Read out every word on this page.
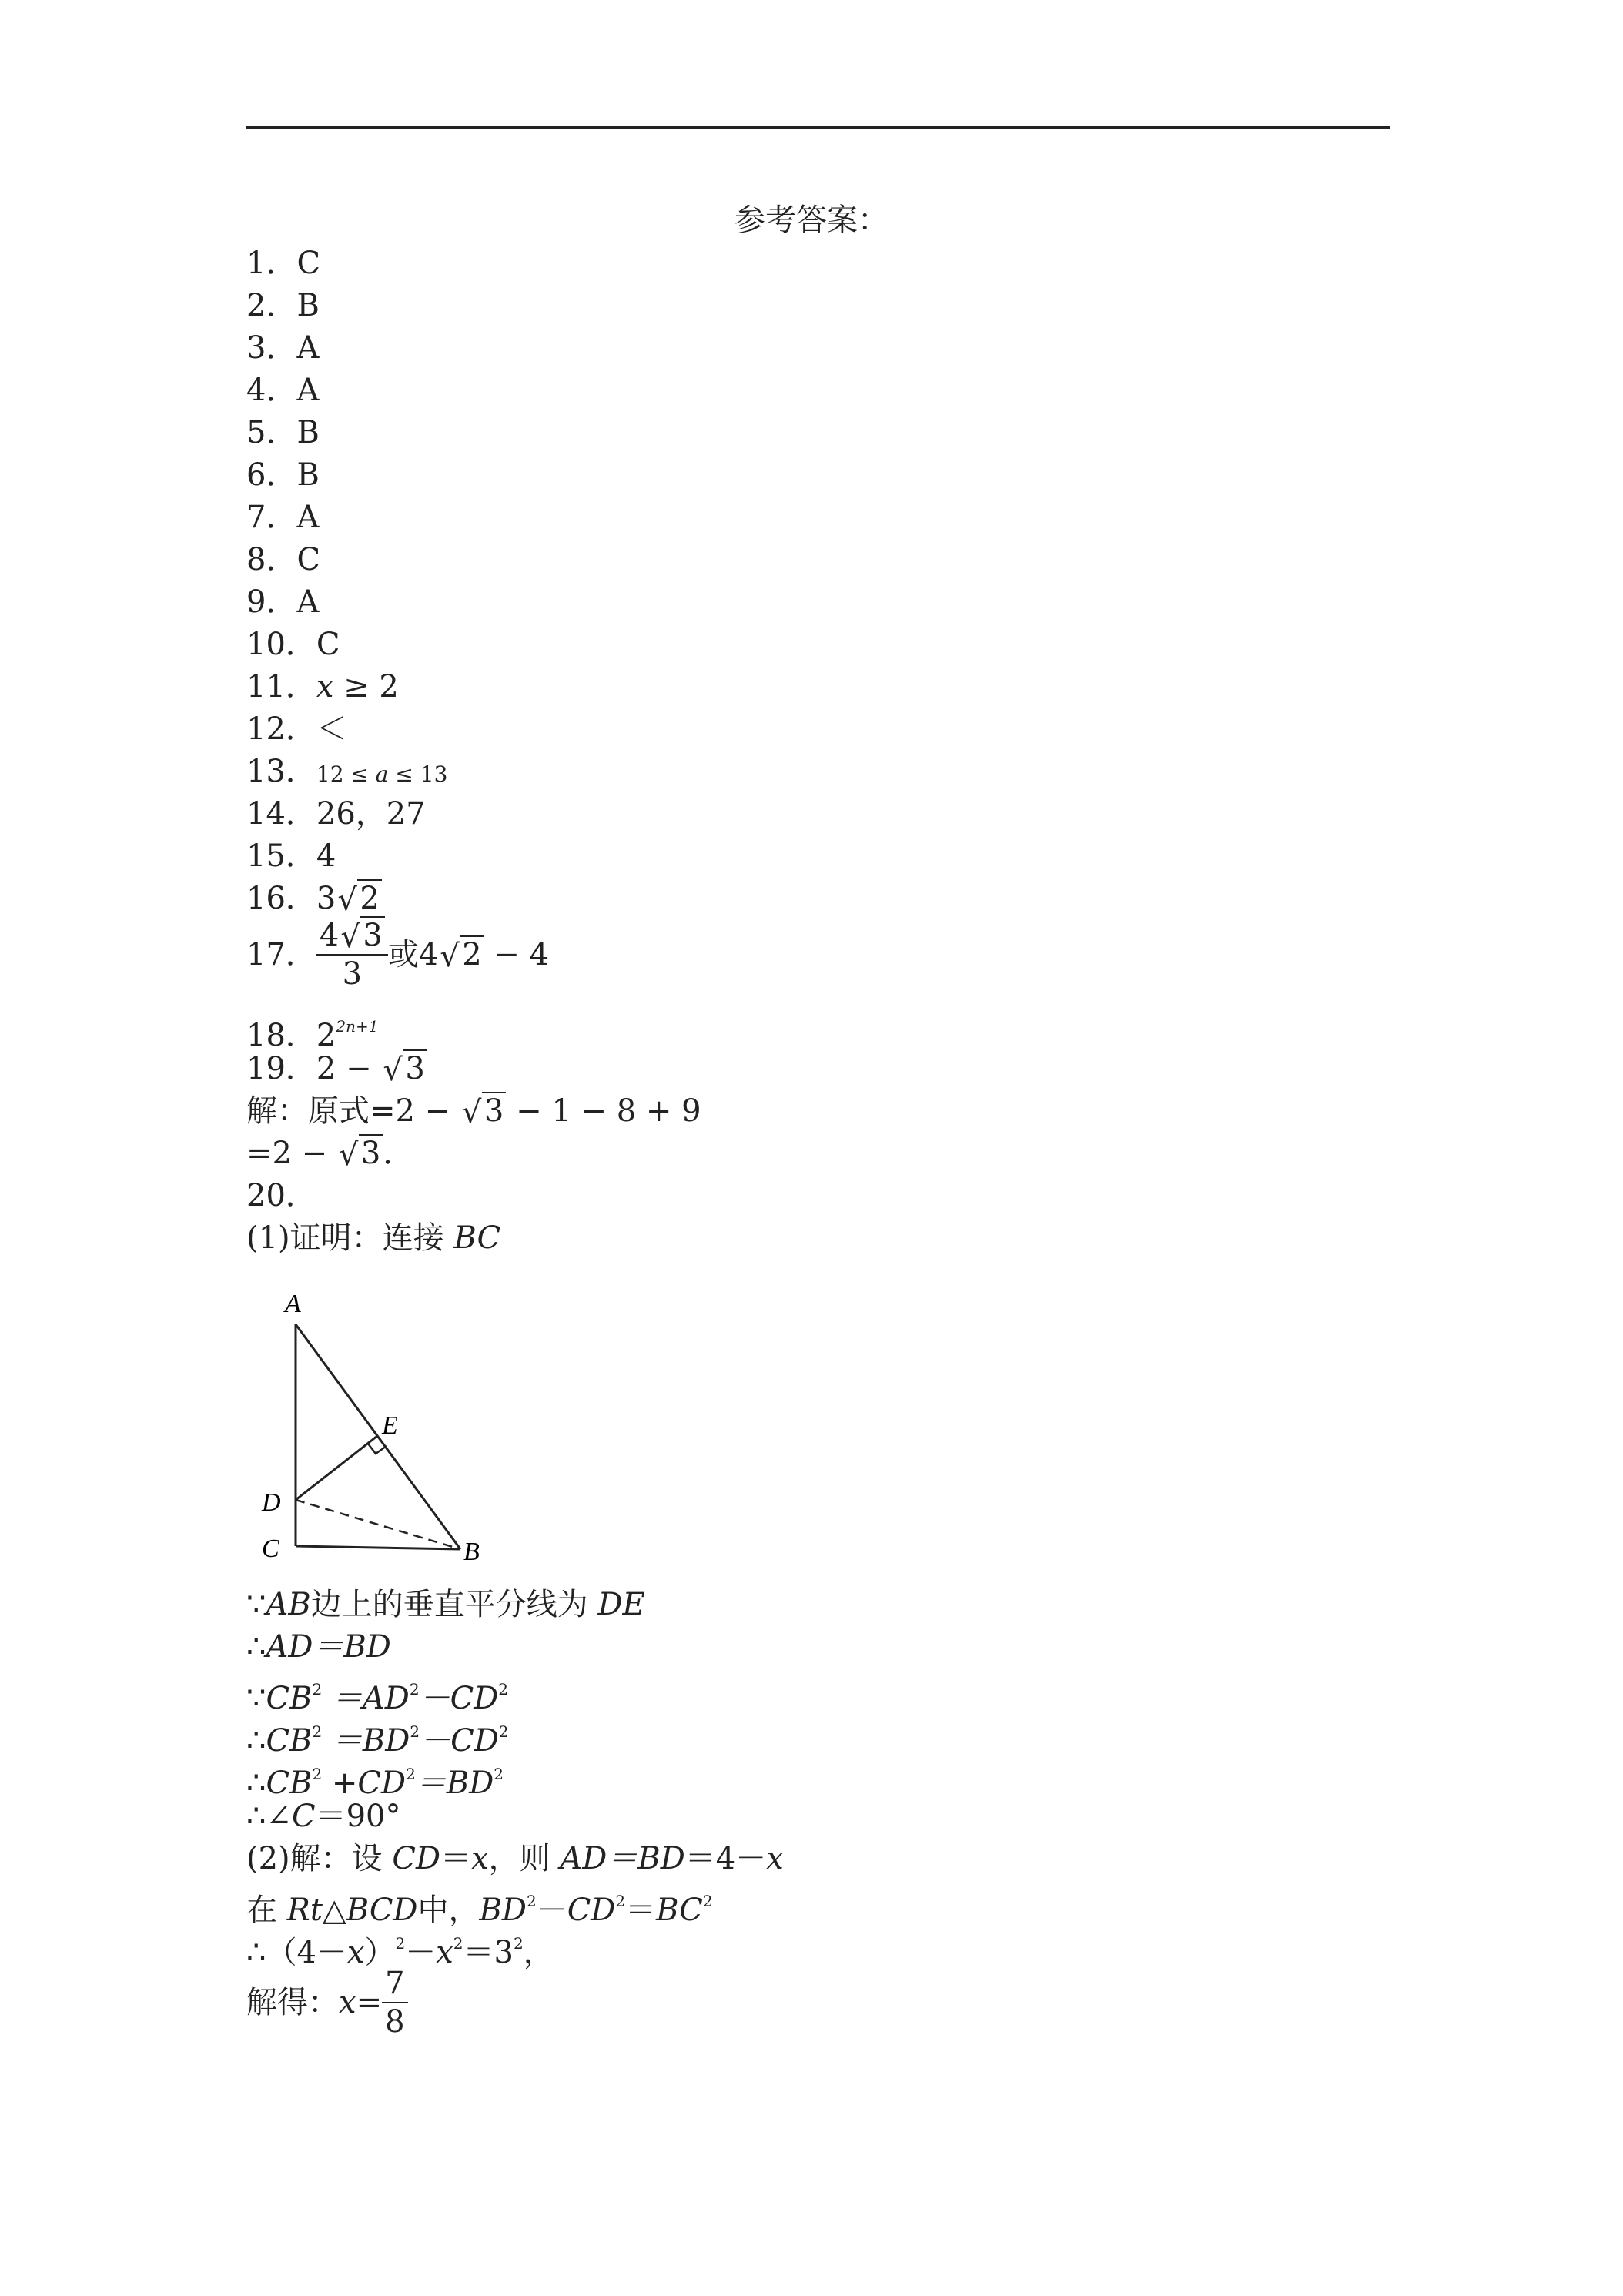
参考答案：
1．C
2．B
3．A
4．A
5．B
6．B
7．A
8．C
9．A
10．C
11．x ≥ 2
12．＜
13．12 ≤ a ≤ 13
14．26，27
15．4
16．3 √ 2
17． $\frac{4 √ 3}{3}$ 或4 √ 2 − 4
18．$2^{2n+1}$
19．2 − √ 3
解：原式=2 − √ 3 − 1 − 8 + 9
=2 − √ 3．
20．
(1)证明：连接 BC
A
E
D
C	B
∵AB边上的垂直平分线为 DE
∴AD＝BD
$\because CB^2 =AD^2-CD^2$
$\therefore CB^2 =BD^2-CD^2$
$\therefore CB^2 +CD^2=BD^2$
∴∠C＝90°
(2)解：设 CD＝x，则 AD＝BD＝4－x
在 Rt△BCD中，$BD^2-CD^2=BC^2$
$\therefore(4-x)^2-x^2=3^2$，
解得：$x= \frac{7}{8}$
